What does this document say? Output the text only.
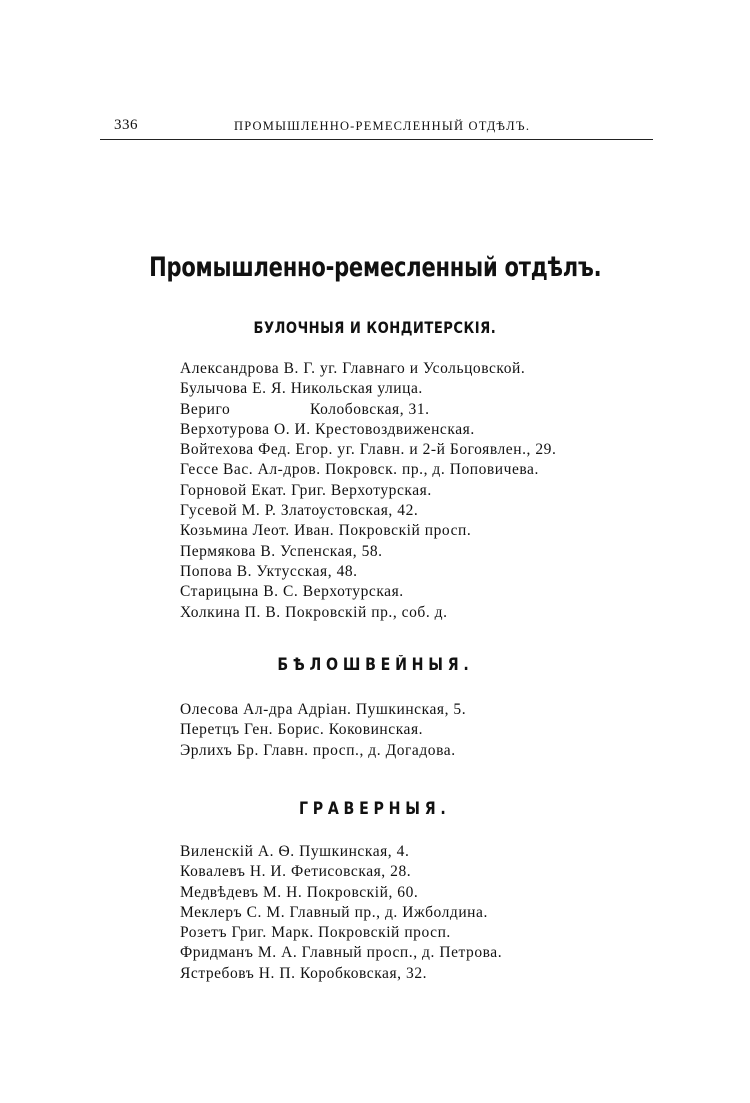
336	ПРОМЫШЛЕННО-РЕМЕСЛЕННЫЙ ОТДѢЛЪ.
Промышленно-ремесленный отдѣлъ.
БУЛОЧНЫЯ И КОНДИТЕРСКІЯ.
Александрова В. Г. уг. Главнаго и Усольцовской.
Булычова Е. Я. Никольская улица.
Вериго	Колобовская, 31.
Верхотурова О. И. Крестовоздвиженская.
Войтехова Фед. Егор. уг. Главн. и 2-й Богоявлен., 29.
Гессе Вас. Ал-дров. Покровск. пр., д. Поповичева.
Горновой Екат. Григ. Верхотурская.
Гусевой М. Р. Златоустовская, 42.
Козьмина Леот. Иван. Покровскій просп.
Пермякова В. Успенская, 58.
Попова В. Уктусская, 48.
Старицына В. С. Верхотурская.
Холкина П. В. Покровскій пр., соб. д.
БѢЛОШВЕЙНЫЯ.
Олесова Ал-дра Адріан. Пушкинская, 5.
Перетцъ Ген. Борис. Коковинская.
Эрлихъ Бр. Главн. просп., д. Догадова.
ГРАВЕРНЫЯ.
Виленскій А. Ѳ. Пушкинская, 4.
Ковалевъ Н. И. Фетисовская, 28.
Медвѣдевъ М. Н. Покровскій, 60.
Меклеръ С. М. Главный пр., д. Ижболдина.
Розетъ Григ. Марк. Покровскій просп.
Фридманъ М. А. Главный просп., д. Петрова.
Ястребовъ Н. П. Коробковская, 32.
